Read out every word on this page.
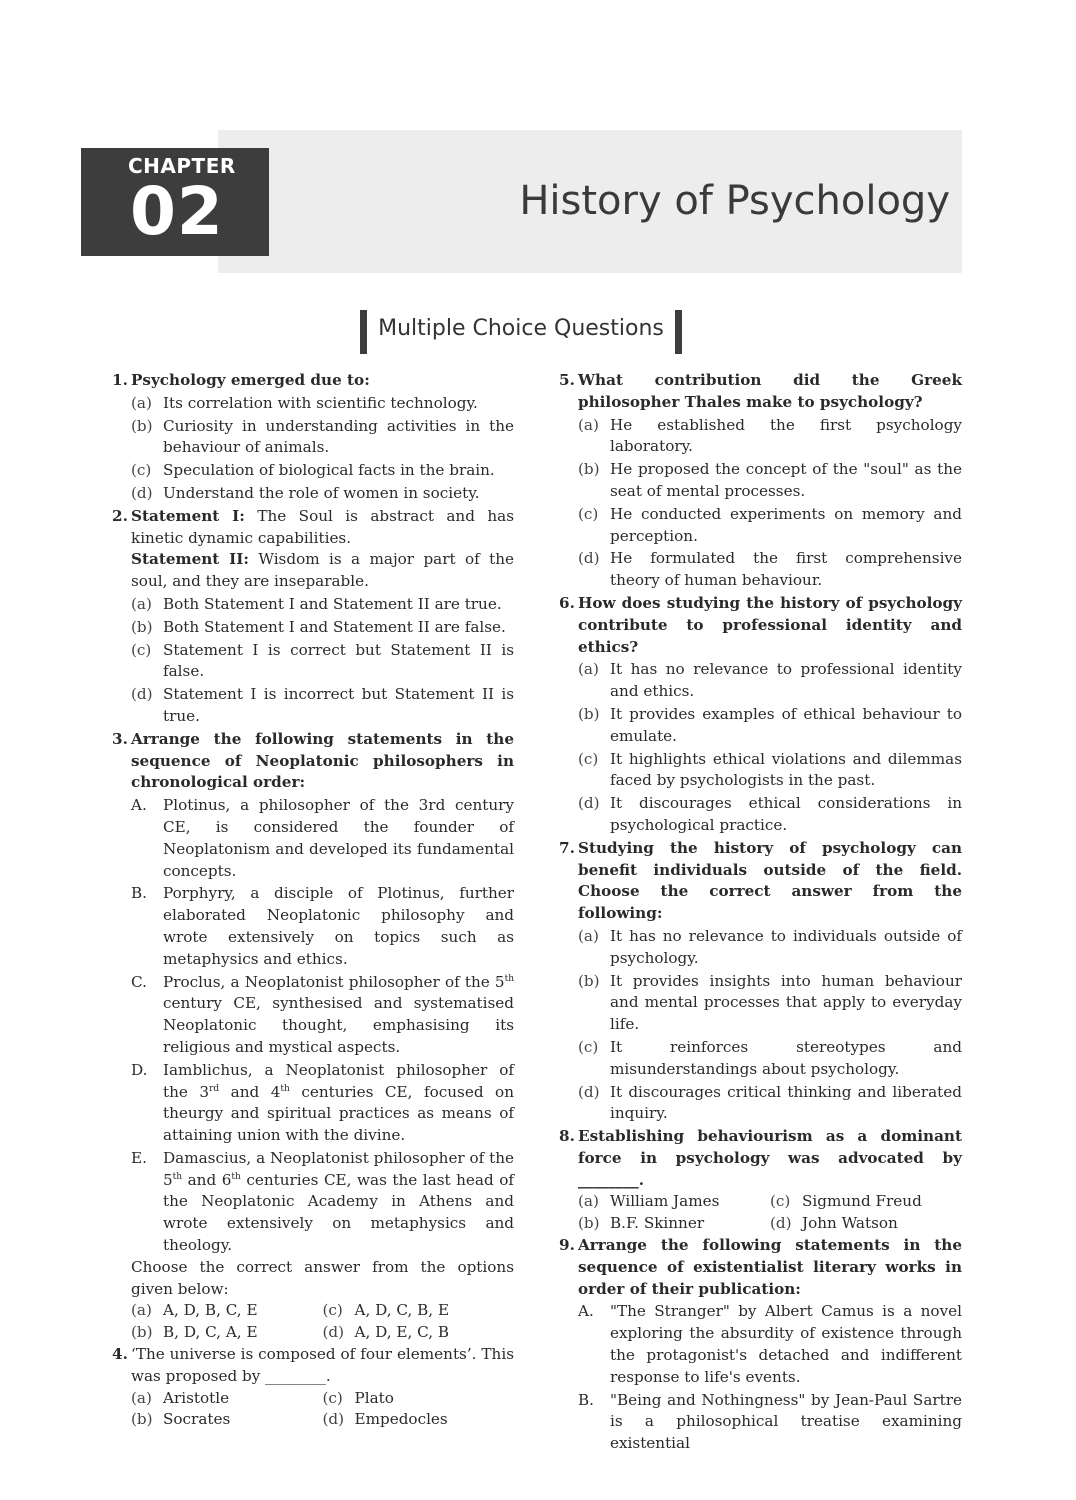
CHAPTER
02	History of Psychology
Multiple Choice Questions
1. Psychology emerged due to:
(a) Its correlation with scientific technology.
(b) Curiosity in understanding activities in the behaviour of animals.
(c) Speculation of biological facts in the brain.
(d) Understand the role of women in society.
2. Statement I: The Soul is abstract and has kinetic dynamic capabilities.
Statement II: Wisdom is a major part of the soul, and they are inseparable.
(a) Both Statement I and Statement II are true.
(b) Both Statement I and Statement II are false.
(c) Statement I is correct but Statement II is false.
(d) Statement I is incorrect but Statement II is true.
3. Arrange the following statements in the sequence of Neoplatonic philosophers in chronological order:
A.	Plotinus, a philosopher of the 3rd century CE, is considered the founder of Neoplatonism and developed its fundamental concepts.
B.	Porphyry, a disciple of Plotinus, further elaborated Neoplatonic philosophy and wrote extensively on topics such as metaphysics and ethics.
C.	Proclus, a Neoplatonist philosopher of the 5th century CE, synthesised and systematised Neoplatonic thought, emphasising its religious and mystical aspects.
D.	Iamblichus, a Neoplatonist philosopher of the 3rd and 4th centuries CE, focused on theurgy and spiritual practices as means of attaining union with the divine.
E.	Damascius, a Neoplatonist philosopher of the 5th and 6th centuries CE, was the last head of the Neoplatonic Academy in Athens and wrote extensively on metaphysics and theology.
Choose the correct answer from the options given below:
(a) A, D, B, C, E	(c) A, D, C, B, E
(b) B, D, C, A, E	(d) A, D, E, C, B
4. ‘The universe is composed of four elements’. This was proposed by ________.
(a) Aristotle	(c) Plato
(b) Socrates	(d) Empedocles
5. What contribution did the Greek philosopher Thales make to psychology?
(a) He established the first psychology laboratory.
(b) He proposed the concept of the "soul" as the seat of mental processes.
(c) He conducted experiments on memory and perception.
(d) He formulated the first comprehensive theory of human behaviour.
6. How does studying the history of psychology contribute to professional identity and ethics?
(a) It has no relevance to professional identity and ethics.
(b) It provides examples of ethical behaviour to emulate.
(c) It highlights ethical violations and dilemmas faced by psychologists in the past.
(d) It discourages ethical considerations in psychological practice.
7. Studying the history of psychology can benefit individuals outside of the field. Choose the correct answer from the following:
(a) It has no relevance to individuals outside of psychology.
(b) It provides insights into human behaviour and mental processes that apply to everyday life.
(c) It reinforces stereotypes and misunderstandings about psychology.
(d) It discourages critical thinking and liberated inquiry.
8. Establishing behaviourism as a dominant force in psychology was advocated by ________.
(a) William James	(c) Sigmund Freud
(b) B.F. Skinner	(d) John Watson
9. Arrange the following statements in the sequence of existentialist literary works in order of their publication:
A.	"The Stranger" by Albert Camus is a novel exploring the absurdity of existence through the protagonist's detached and indifferent response to life's events.
B.	"Being and Nothingness" by Jean-Paul Sartre is a philosophical treatise examining existential
